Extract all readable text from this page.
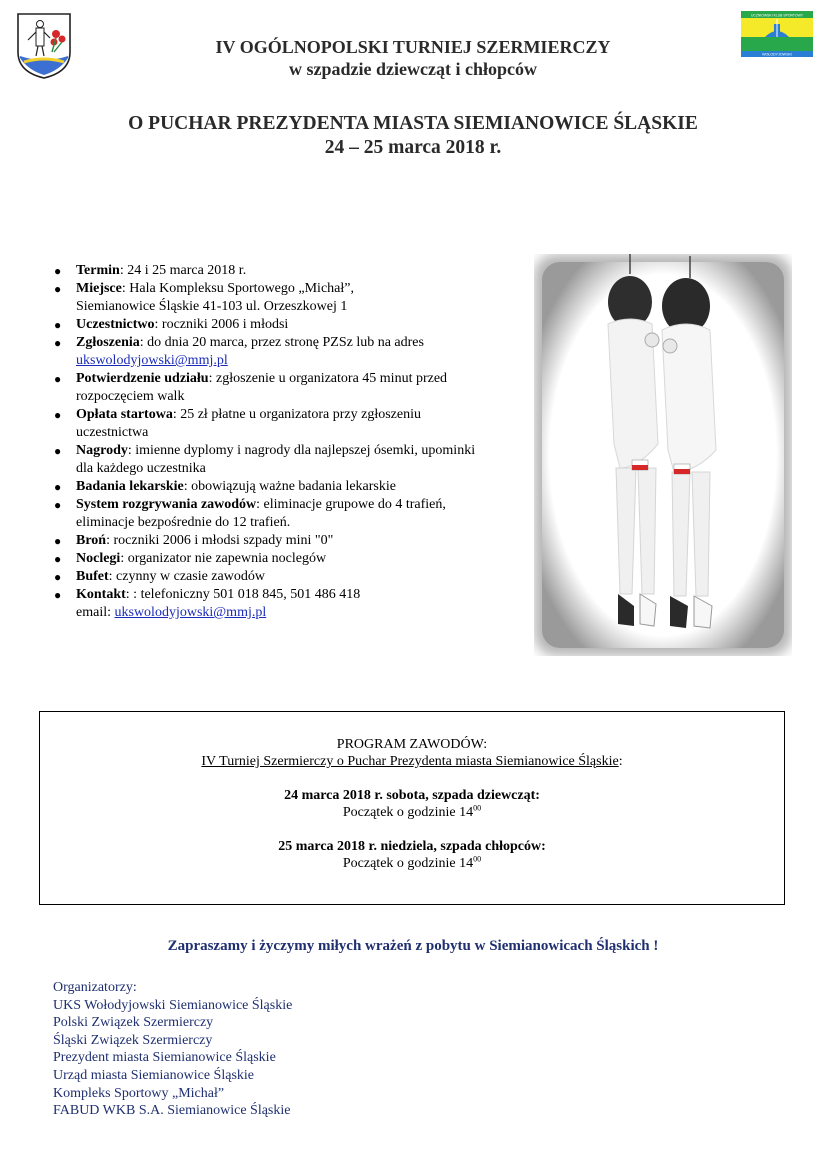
UCZNIOWSKI KLUB SPORTOWY
WOŁODYJOWSKI
IV OGÓLNOPOLSKI TURNIEJ SZERMIERCZY
w szpadzie dziewcząt i chłopców
O PUCHAR PREZYDENTA MIASTA SIEMIANOWICE ŚLĄSKIE
24 – 25 marca 2018 r.
●	Termin: 24 i 25 marca 2018 r.
●	Miejsce: Hala Kompleksu Sportowego „Michał”,
Siemianowice Śląskie 41-103 ul. Orzeszkowej 1
●	Uczestnictwo: roczniki 2006 i młodsi
●	Zgłoszenia: do dnia 20 marca, przez stronę PZSz lub na adres
ukswolodyjowski@mmj.pl
●	Potwierdzenie udziału: zgłoszenie u organizatora 45 minut przed
rozpoczęciem walk
●	Opłata startowa: 25 zł płatne u organizatora przy zgłoszeniu
uczestnictwa
●	Nagrody: imienne dyplomy i nagrody dla najlepszej ósemki, upominki
dla każdego uczestnika
●	Badania lekarskie: obowiązują ważne badania lekarskie
●	System rozgrywania zawodów: eliminacje grupowe do 4 trafień,
eliminacje bezpośrednie do 12 trafień.
●	Broń: roczniki 2006 i młodsi szpady mini "0"
●	Noclegi: organizator nie zapewnia noclegów
●	Bufet: czynny w czasie zawodów
●	Kontakt: : telefoniczny 501 018 845, 501 486 418
email: ukswolodyjowski@mmj.pl
PROGRAM ZAWODÓW:
IV Turniej Szermierczy o Puchar Prezydenta miasta Siemianowice Śląskie:
24 marca 2018 r. sobota, szpada dziewcząt:
Początek o godzinie $14^{00}$
25 marca 2018 r. niedziela, szpada chłopców:
Początek o godzinie $14^{00}$
Zapraszamy i życzymy miłych wrażeń z pobytu w Siemianowicach Śląskich !
Organizatorzy:
UKS Wołodyjowski Siemianowice Śląskie
Polski Związek Szermierczy
Śląski Związek Szermierczy
Prezydent miasta Siemianowice Śląskie
Urząd miasta Siemianowice Śląskie
Kompleks Sportowy „Michał”
FABUD WKB S.A. Siemianowice Śląskie
